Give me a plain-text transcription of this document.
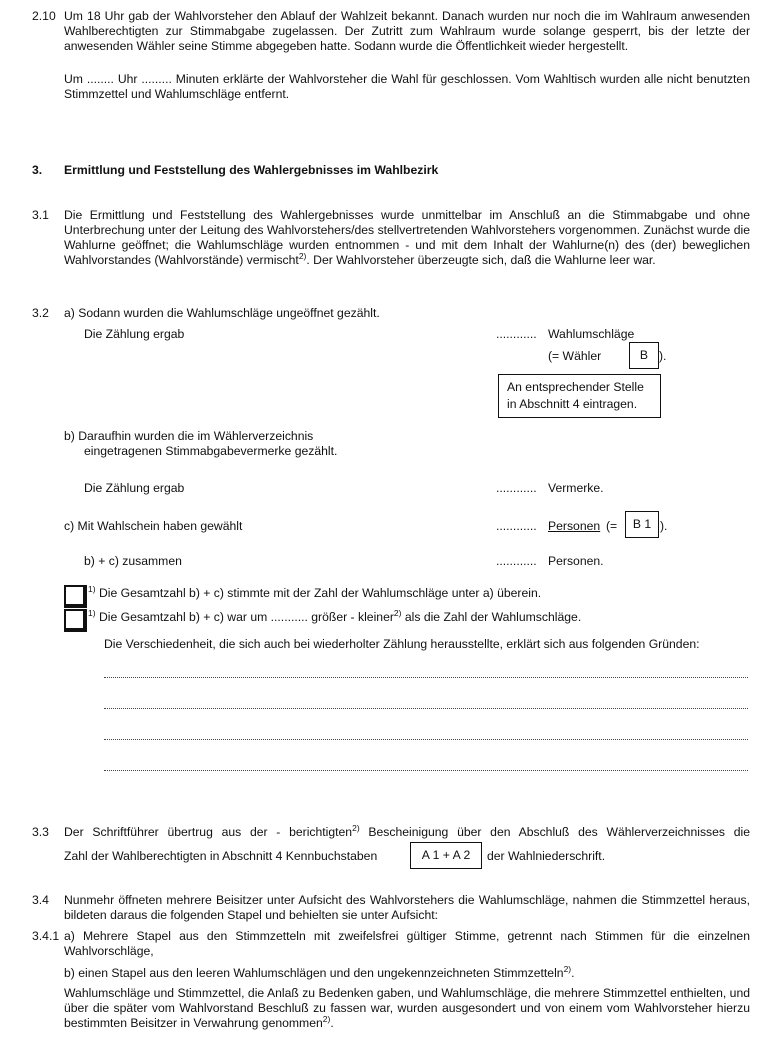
2.10 Um 18 Uhr gab der Wahlvorsteher den Ablauf der Wahlzeit bekannt. Danach wurden nur noch die im Wahlraum anwesenden Wahlberechtigten zur Stimmabgabe zugelassen. Der Zutritt zum Wahlraum wurde solange gesperrt, bis der letzte der anwesenden Wähler seine Stimme abgegeben hatte. Sodann wurde die Öffentlichkeit wieder hergestellt.
Um ........ Uhr ......... Minuten erklärte der Wahlvorsteher die Wahl für geschlossen. Vom Wahltisch wurden alle nicht benutzten Stimmzettel und Wahlumschläge entfernt.
3. Ermittlung und Feststellung des Wahlergebnisses im Wahlbezirk
3.1 Die Ermittlung und Feststellung des Wahlergebnisses wurde unmittelbar im Anschluß an die Stimmabgabe und ohne Unterbrechung unter der Leitung des Wahlvorstehers/des stellvertretenden Wahlvorstehers vorgenommen. Zunächst wurde die Wahlurne geöffnet; die Wahlumschläge wurden entnommen - und mit dem Inhalt der Wahlurne(n) des (der) beweglichen Wahlvorstandes (Wahlvorstände) vermischt$^{2)}$. Der Wahlvorsteher überzeugte sich, daß die Wahlurne leer war.
3.2 a) Sodann wurden die Wahlumschläge ungeöffnet gezählt.
Die Zählung ergab	............ Wahlumschläge
(= Wähler	B ).
An entsprechender Stelle
in Abschnitt 4 eintragen.
b) Daraufhin wurden die im Wählerverzeichnis
eingetragenen Stimmabgabevermerke gezählt.
Die Zählung ergab	............ Vermerke.
c) Mit Wahlschein haben gewählt	............ Personen (=	B 1 ).
b) + c) zusammen	............ Personen.
$^{1)}$ Die Gesamtzahl b) + c) stimmte mit der Zahl der Wahlumschläge unter a) überein.
$^{1)}$ Die Gesamtzahl b) + c) war um ........... größer - kleiner$^{2)}$ als die Zahl der Wahlumschläge.
Die Verschiedenheit, die sich auch bei wiederholter Zählung herausstellte, erklärt sich aus folgenden Gründen:
3.3 Der Schriftführer übertrug aus der - berichtigten$^{2)}$ Bescheinigung über den Abschluß des Wählerverzeichnisses die
Zahl der Wahlberechtigten in Abschnitt 4 Kennbuchstaben	A 1 + A 2	der Wahlniederschrift.
3.4 Nunmehr öffneten mehrere Beisitzer unter Aufsicht des Wahlvorstehers die Wahlumschläge, nahmen die Stimmzettel heraus, bildeten daraus die folgenden Stapel und behielten sie unter Aufsicht:
3.4.1 a) Mehrere Stapel aus den Stimmzetteln mit zweifelsfrei gültiger Stimme, getrennt nach Stimmen für die einzelnen Wahlvorschläge,
b) einen Stapel aus den leeren Wahlumschlägen und den ungekennzeichneten Stimmzetteln$^{2)}$.
Wahlumschläge und Stimmzettel, die Anlaß zu Bedenken gaben, und Wahlumschläge, die mehrere Stimmzettel enthielten, und über die später vom Wahlvorstand Beschluß zu fassen war, wurden ausgesondert und von einem vom Wahlvorsteher hierzu bestimmten Beisitzer in Verwahrung genommen$^{2)}$.
